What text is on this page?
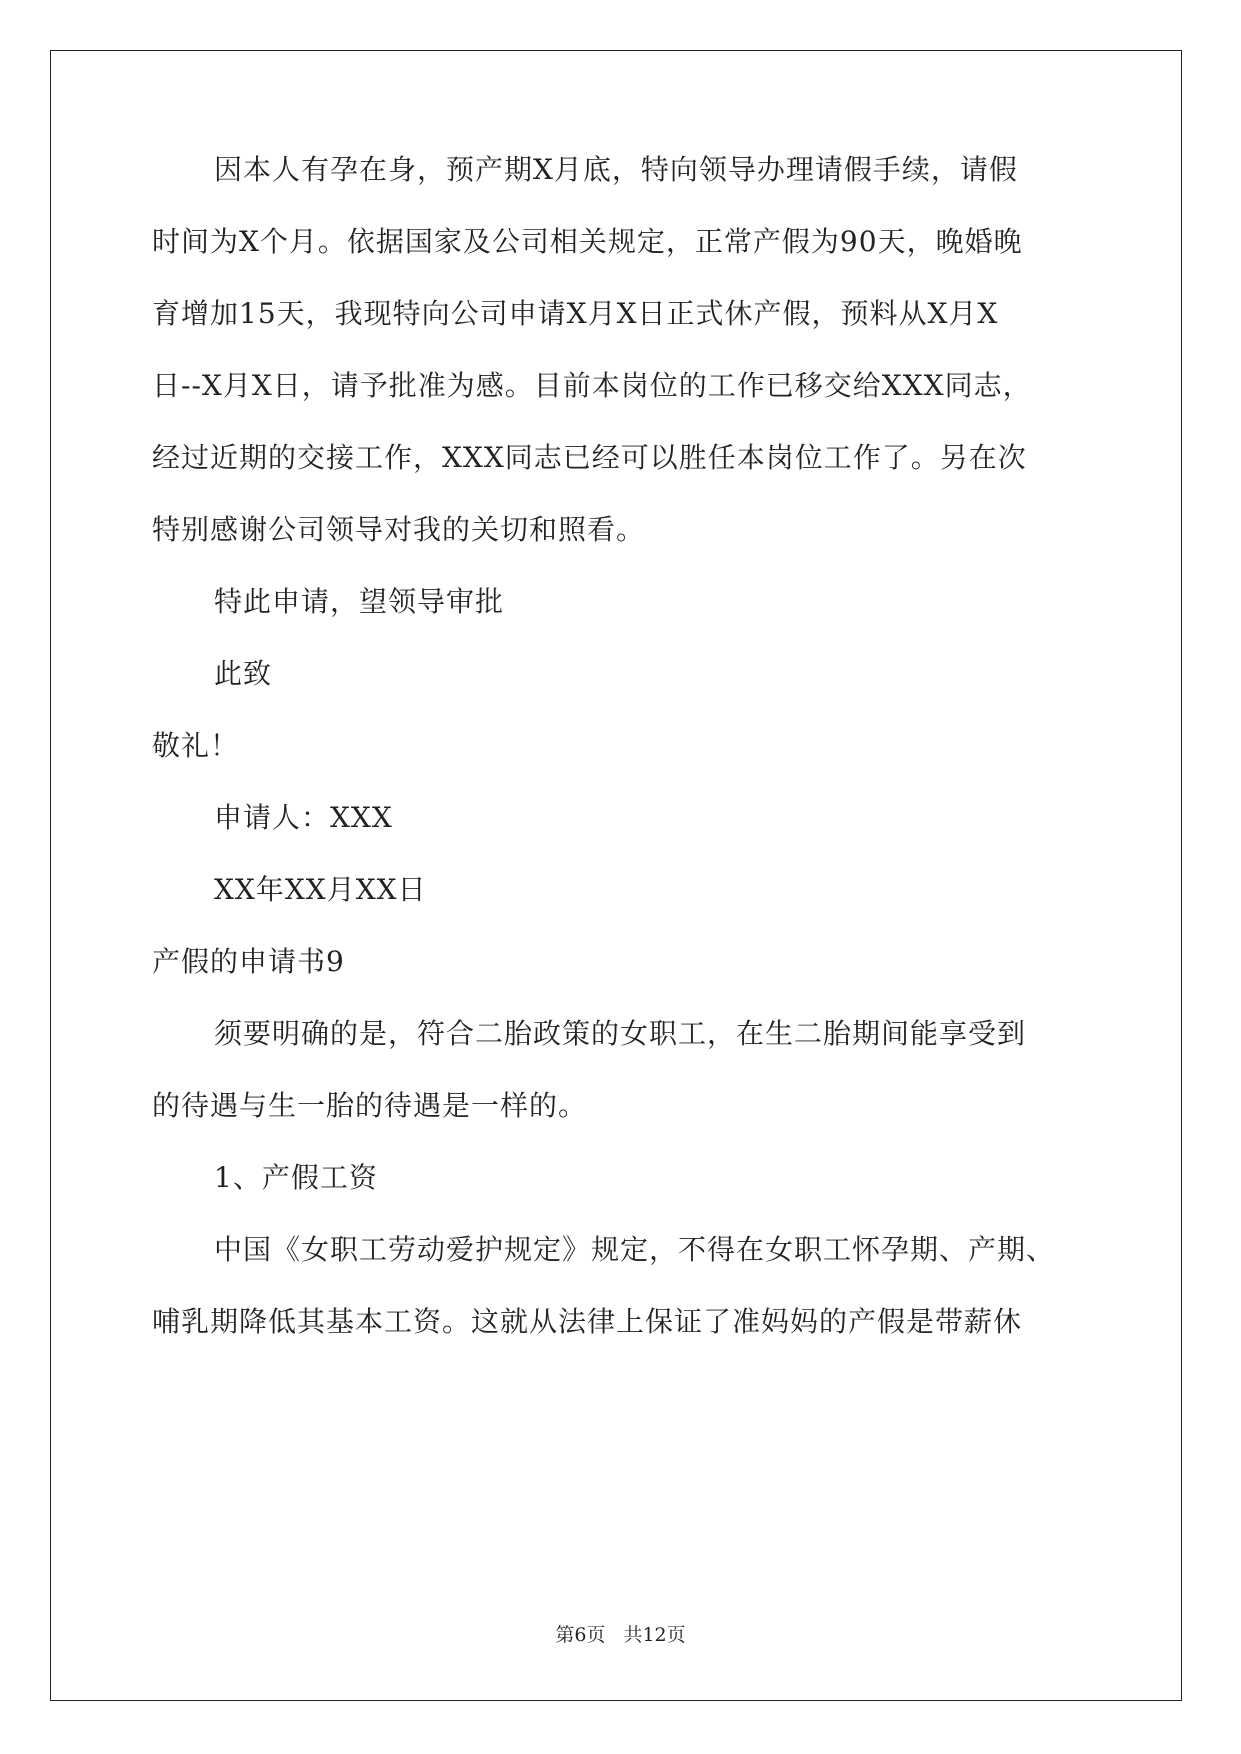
因本人有孕在身，预产期X月底，特向领导办理请假手续，请假
时间为X个月。依据国家及公司相关规定，正常产假为90天，晚婚晚
育增加15天，我现特向公司申请X月X日正式休产假，预料从X月X
日--X月X日，请予批准为感。目前本岗位的工作已移交给XXX同志，
经过近期的交接工作，XXX同志已经可以胜任本岗位工作了。另在次
特别感谢公司领导对我的关切和照看。
特此申请，望领导审批
此致
敬礼！
申请人：XXX
XX年XX月XX日
产假的申请书9
须要明确的是，符合二胎政策的女职工，在生二胎期间能享受到
的待遇与生一胎的待遇是一样的。
1、产假工资
中国《女职工劳动爱护规定》规定，不得在女职工怀孕期、产期、
哺乳期降低其基本工资。这就从法律上保证了准妈妈的产假是带薪休
第6页 共12页
